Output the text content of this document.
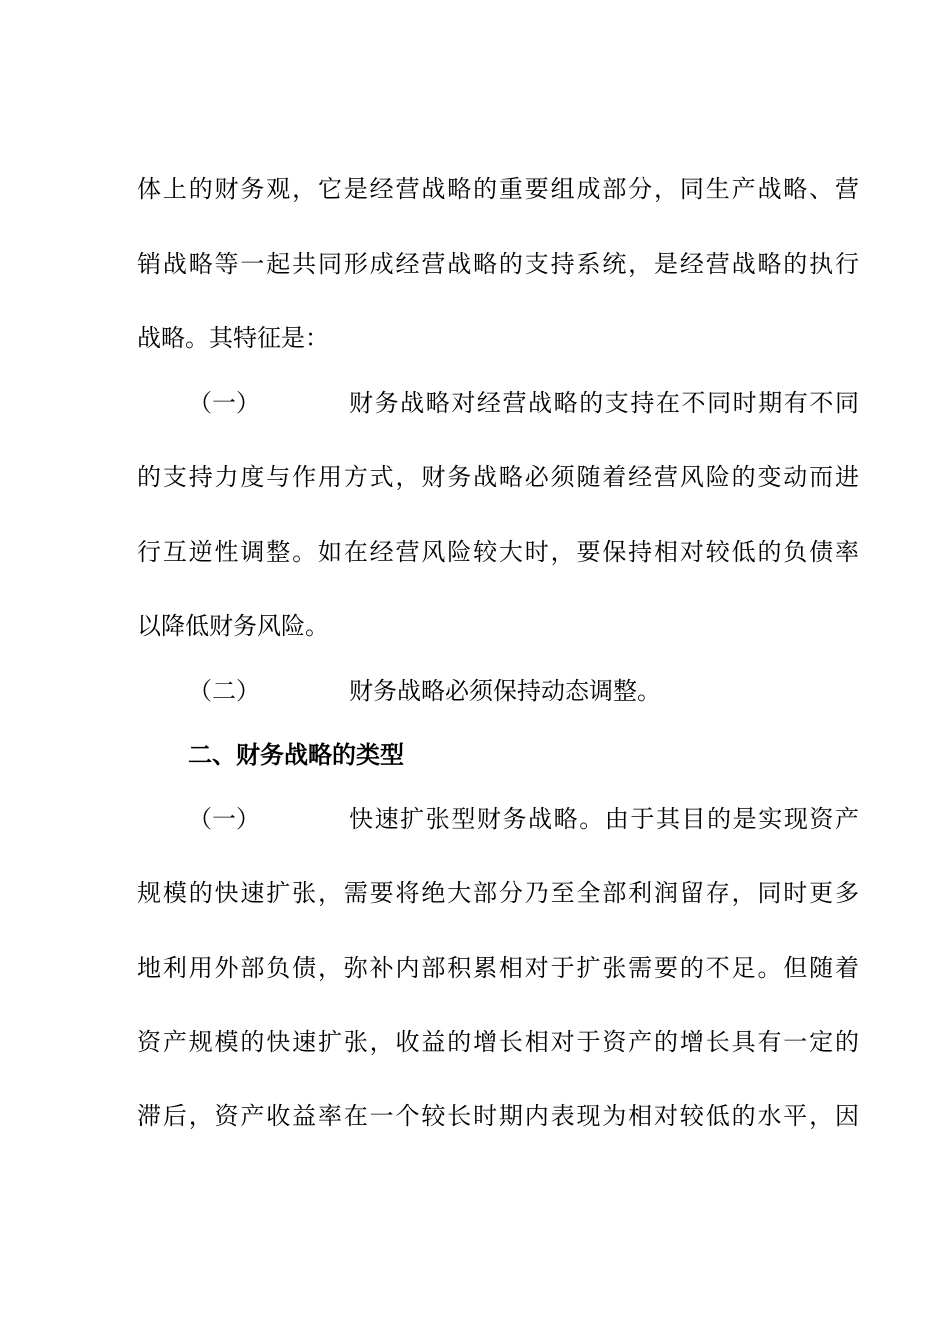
体上的财务观，它是经营战略的重要组成部分，同生产战略、营
销战略等一起共同形成经营战略的支持系统，是经营战略的执行
战略。其特征是：
（一）	财务战略对经营战略的支持在不同时期有不同
的支持力度与作用方式，财务战略必须随着经营风险的变动而进
行互逆性调整。如在经营风险较大时，要保持相对较低的负债率
以降低财务风险。
（二）	财务战略必须保持动态调整。
二、财务战略的类型
（一）	快速扩张型财务战略。由于其目的是实现资产
规模的快速扩张，需要将绝大部分乃至全部利润留存，同时更多
地利用外部负债，弥补内部积累相对于扩张需要的不足。但随着
资产规模的快速扩张，收益的增长相对于资产的增长具有一定的
滞后，资产收益率在一个较长时期内表现为相对较低的水平，因
